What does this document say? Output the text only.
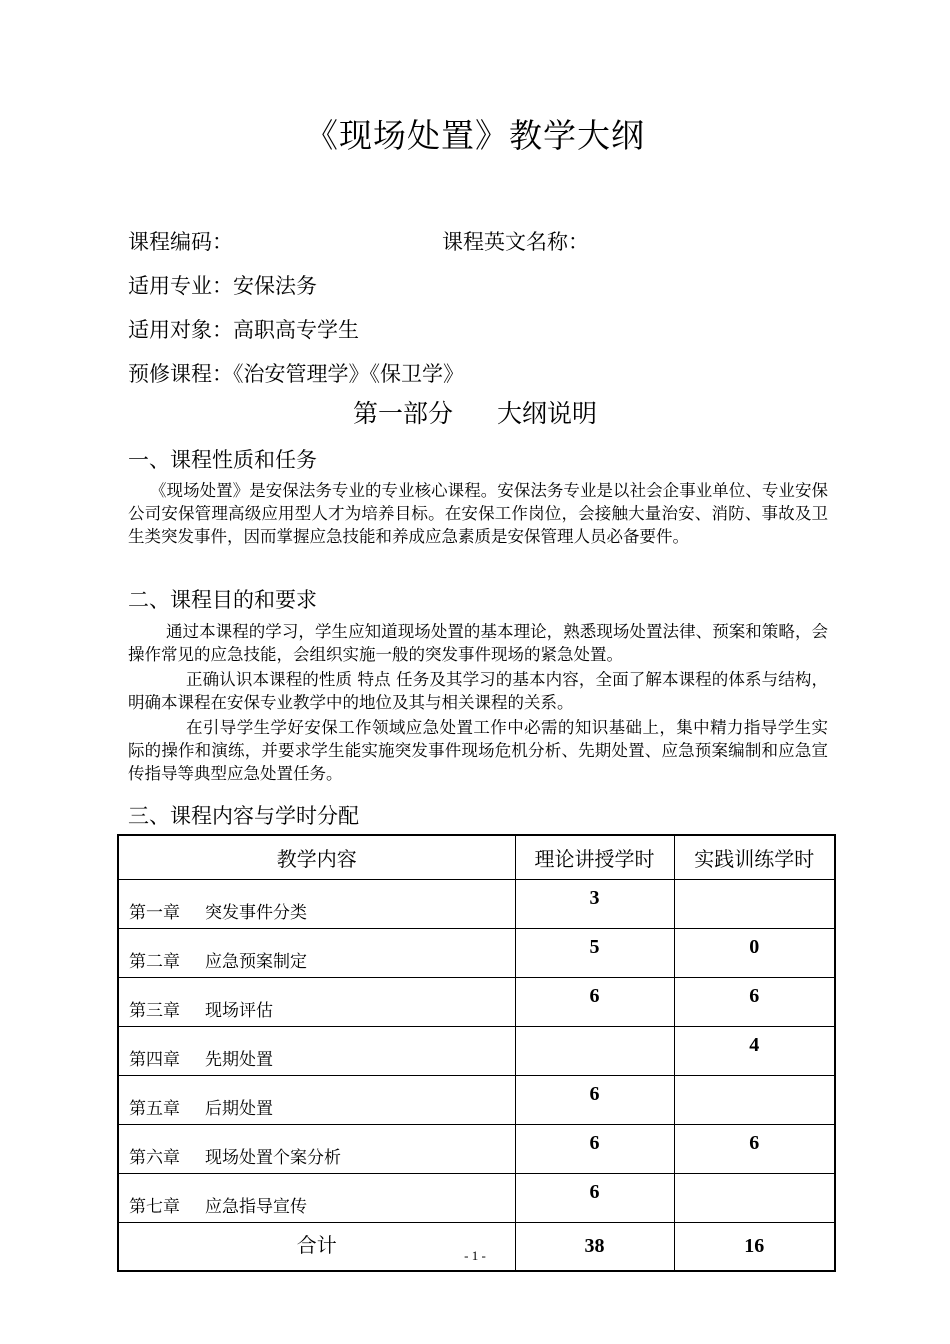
《现场处置》教学大纲
课程编码：	课程英文名称：
适用专业：安保法务
适用对象：高职高专学生
预修课程：《治安管理学》《保卫学》
第一部分 大纲说明
一、课程性质和任务
《现场处置》是安保法务专业的专业核心课程。安保法务专业是以社会企事业单位、专业安保公司安保管理高级应用型人才为培养目标。在安保工作岗位，会接触大量治安、消防、事故及卫生类突发事件，因而掌握应急技能和养成应急素质是安保管理人员必备要件。
二、课程目的和要求
通过本课程的学习，学生应知道现场处置的基本理论，熟悉现场处置法律、预案和策略，会操作常见的应急技能，会组织实施一般的突发事件现场的紧急处置。
正确认识本课程的性质 特点 任务及其学习的基本内容，全面了解本课程的体系与结构，明确本课程在安保专业教学中的地位及其与相关课程的关系。
在引导学生学好安保工作领域应急处置工作中必需的知识基础上，集中精力指导学生实际的操作和演练，并要求学生能实施突发事件现场危机分析、先期处置、应急预案编制和应急宣传指导等典型应急处置任务。
三、课程内容与学时分配
教学内容	理论讲授学时	实践训练学时
第一章 突发事件分类	3	
第二章 应急预案制定	5	0
第三章 现场评估	6	6
第四章 先期处置		4
第五章 后期处置	6	
第六章 现场处置个案分析	6	6
第七章 应急指导宣传	6	
合计	38	16
- 1 -
